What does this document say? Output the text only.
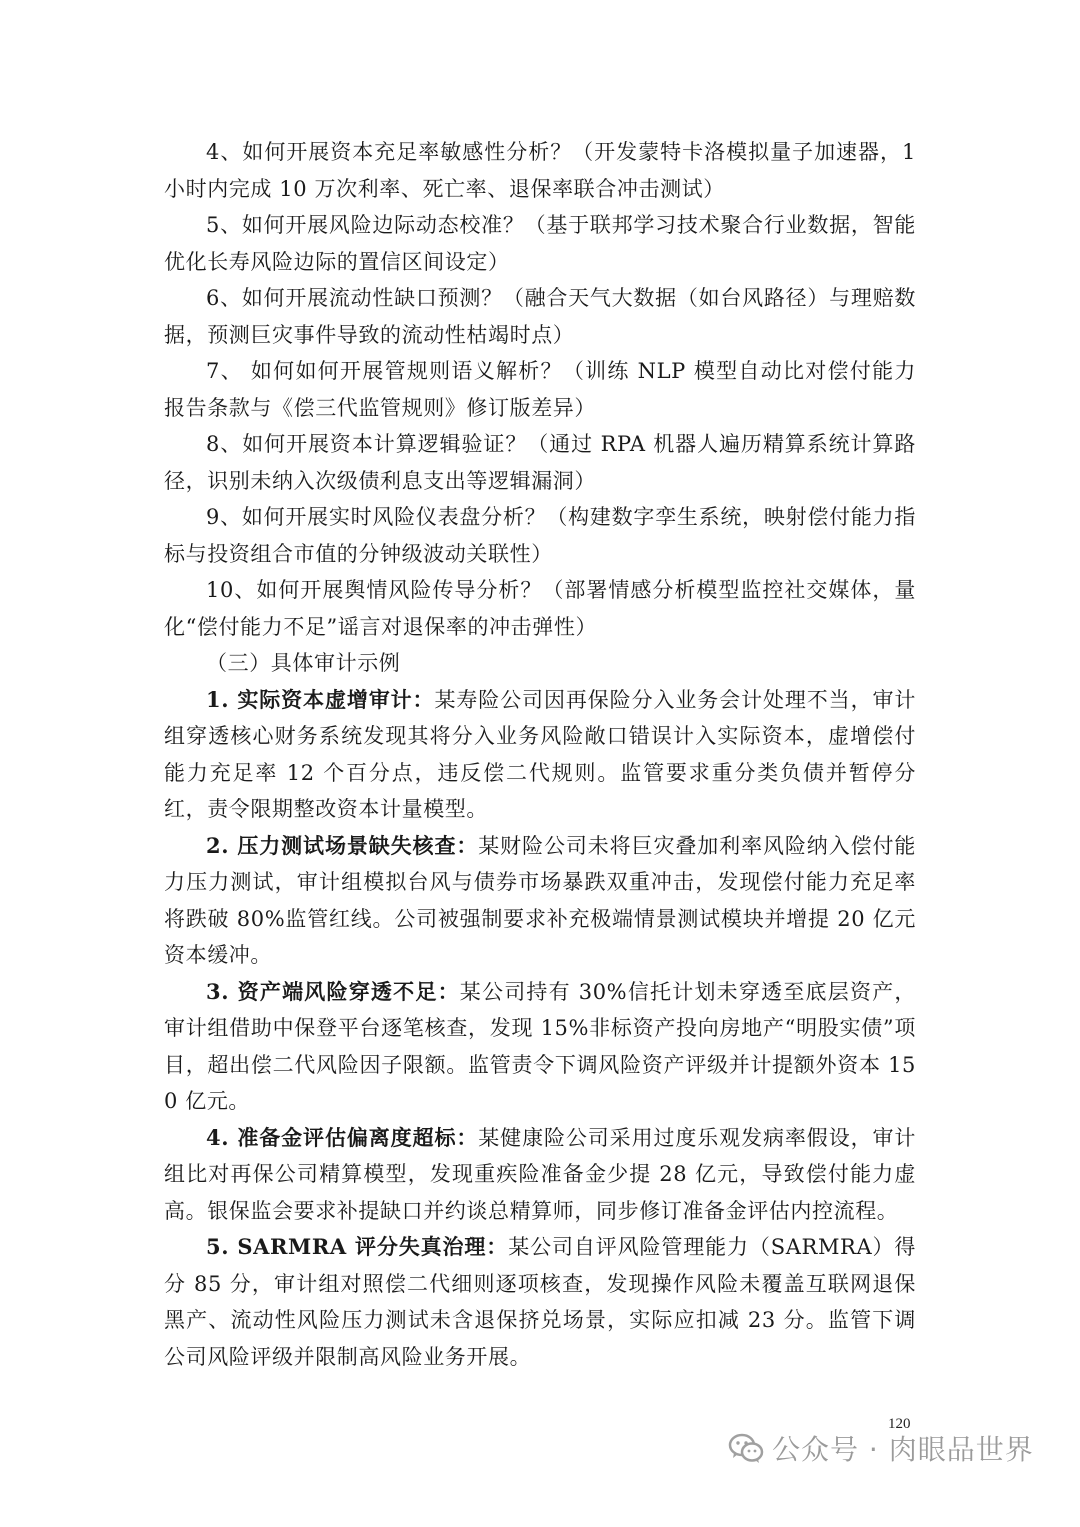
4、如何开展资本充足率敏感性分析？（开发蒙特卡洛模拟量子加速器，1小时内完成 10 万次利率、死亡率、退保率联合冲击测试）

5、如何开展风险边际动态校准？（基于联邦学习技术聚合行业数据，智能优化长寿风险边际的置信区间设定）

6、如何开展流动性缺口预测？（融合天气大数据（如台风路径）与理赔数据，预测巨灾事件导致的流动性枯竭时点）

7、 如何如何开展管规则语义解析？（训练 NLP 模型自动比对偿付能力报告条款与《偿三代监管规则》修订版差异）

8、如何开展资本计算逻辑验证？（通过 RPA 机器人遍历精算系统计算路径，识别未纳入次级债利息支出等逻辑漏洞）

9、如何开展实时风险仪表盘分析？（构建数字孪生系统，映射偿付能力指标与投资组合市值的分钟级波动关联性）

10、如何开展舆情风险传导分析？（部署情感分析模型监控社交媒体，量化“偿付能力不足”谣言对退保率的冲击弹性）

（三）具体审计示例

1. 实际资本虚增审计：某寿险公司因再保险分入业务会计处理不当，审计组穿透核心财务系统发现其将分入业务风险敞口错误计入实际资本，虚增偿付能力充足率 12 个百分点，违反偿二代规则。监管要求重分类负债并暂停分红，责令限期整改资本计量模型。

2. 压力测试场景缺失核查：某财险公司未将巨灾叠加利率风险纳入偿付能力压力测试，审计组模拟台风与债券市场暴跌双重冲击，发现偿付能力充足率将跌破 80%监管红线。公司被强制要求补充极端情景测试模块并增提 20 亿元资本缓冲。

3. 资产端风险穿透不足：某公司持有 30%信托计划未穿透至底层资产，审计组借助中保登平台逐笔核查，发现 15%非标资产投向房地产“明股实债”项目，超出偿二代风险因子限额。监管责令下调风险资产评级并计提额外资本 150 亿元。

4. 准备金评估偏离度超标：某健康险公司采用过度乐观发病率假设，审计组比对再保公司精算模型，发现重疾险准备金少提 28 亿元，导致偿付能力虚高。银保监会要求补提缺口并约谈总精算师，同步修订准备金评估内控流程。

5. SARMRA 评分失真治理：某公司自评风险管理能力（SARMRA）得分 85 分，审计组对照偿二代细则逐项核查，发现操作风险未覆盖互联网退保黑产、流动性风险压力测试未含退保挤兑场景，实际应扣减 23 分。监管下调公司风险评级并限制高风险业务开展。

120
公众号 · 肉眼品世界
